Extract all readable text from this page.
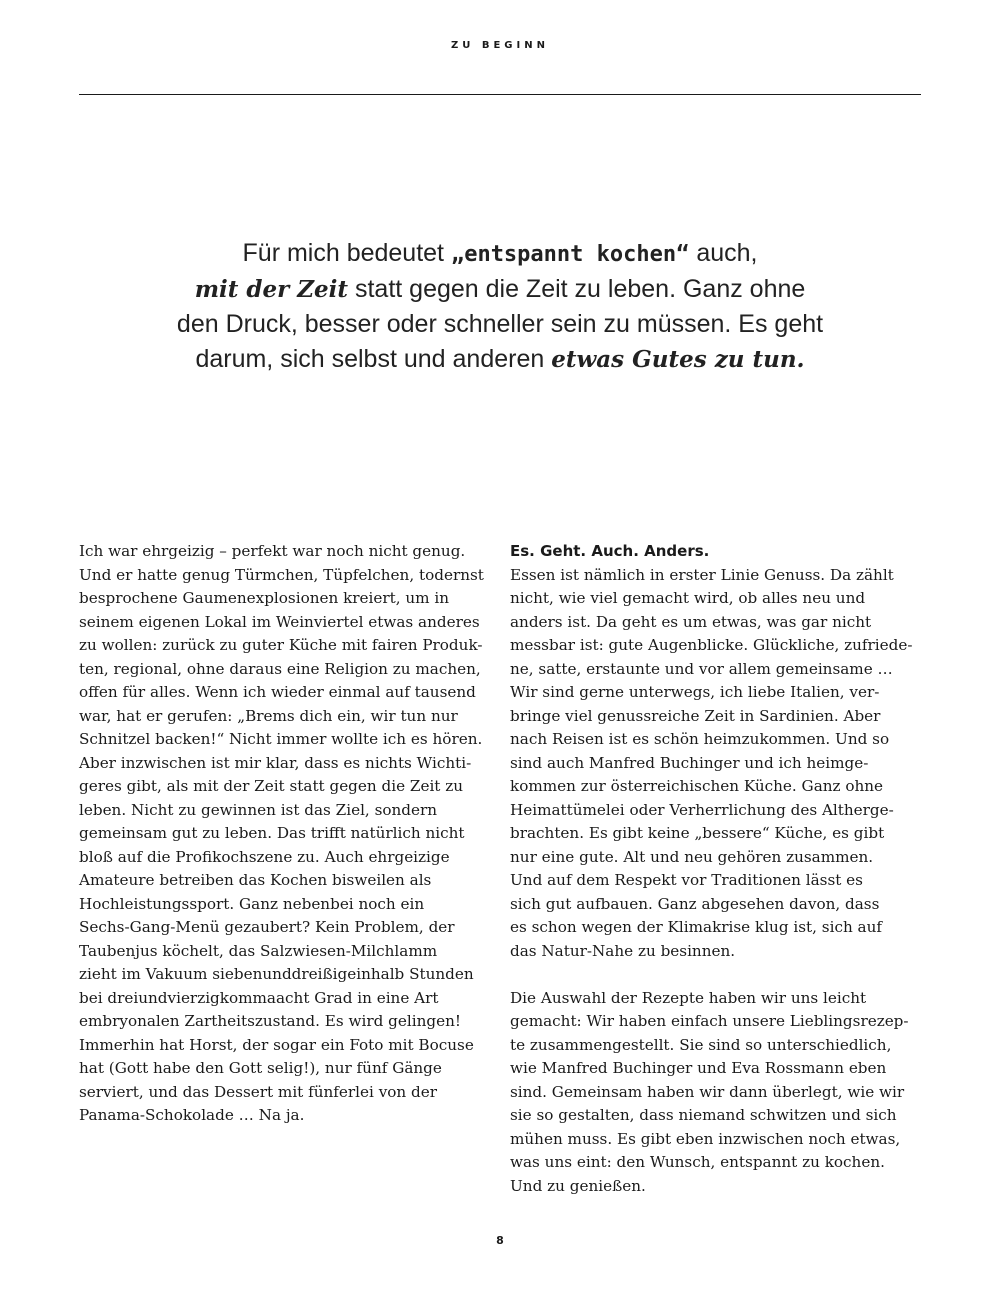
ZU BEGINN
Für mich bedeutet „entspannt kochen“ auch,
mit der Zeit statt gegen die Zeit zu leben. Ganz ohne
den Druck, besser oder schneller sein zu müssen. Es geht
darum, sich selbst und anderen etwas Gutes zu tun.
Ich war ehrgeizig – perfekt war noch nicht genug.
Und er hatte genug Türmchen, Tüpfelchen, todernst
besprochene Gaumenexplosionen kreiert, um in
seinem eigenen Lokal im Weinviertel etwas anderes
zu wollen: zurück zu guter Küche mit fairen Produk-
ten, regional, ohne daraus eine Religion zu machen,
offen für alles. Wenn ich wieder einmal auf tausend
war, hat er gerufen: „Brems dich ein, wir tun nur
Schnitzel backen!“ Nicht immer wollte ich es hören.
Aber inzwischen ist mir klar, dass es nichts Wichti-
geres gibt, als mit der Zeit statt gegen die Zeit zu
leben. Nicht zu gewinnen ist das Ziel, sondern
gemeinsam gut zu leben. Das trifft natürlich nicht
bloß auf die Profikochszene zu. Auch ehrgeizige
Amateure betreiben das Kochen bisweilen als
Hochleistungssport. Ganz nebenbei noch ein
Sechs-Gang-Menü gezaubert? Kein Problem, der
Taubenjus köchelt, das Salzwiesen-Milchlamm
zieht im Vakuum siebenunddreißigeinhalb Stunden
bei dreiundvierzigkommaacht Grad in eine Art
embryonalen Zartheitszustand. Es wird gelingen!
Immerhin hat Horst, der sogar ein Foto mit Bocuse
hat (Gott habe den Gott selig!), nur fünf Gänge
serviert, und das Dessert mit fünferlei von der
Panama-Schokolade … Na ja.
Es. Geht. Auch. Anders.
Essen ist nämlich in erster Linie Genuss. Da zählt
nicht, wie viel gemacht wird, ob alles neu und
anders ist. Da geht es um etwas, was gar nicht
messbar ist: gute Augenblicke. Glückliche, zufriede-
ne, satte, erstaunte und vor allem gemeinsame …
Wir sind gerne unterwegs, ich liebe Italien, ver-
bringe viel genussreiche Zeit in Sardinien. Aber
nach Reisen ist es schön heimzukommen. Und so
sind auch Manfred Buchinger und ich heimge-
kommen zur österreichischen Küche. Ganz ohne
Heimattümelei oder Verherrlichung des Altherge-
brachten. Es gibt keine „bessere“ Küche, es gibt
nur eine gute. Alt und neu gehören zusammen.
Und auf dem Respekt vor Traditionen lässt es
sich gut aufbauen. Ganz abgesehen davon, dass
es schon wegen der Klimakrise klug ist, sich auf
das Natur-Nahe zu besinnen.
Die Auswahl der Rezepte haben wir uns leicht
gemacht: Wir haben einfach unsere Lieblingsrezep-
te zusammengestellt. Sie sind so unterschiedlich,
wie Manfred Buchinger und Eva Rossmann eben
sind. Gemeinsam haben wir dann überlegt, wie wir
sie so gestalten, dass niemand schwitzen und sich
mühen muss. Es gibt eben inzwischen noch etwas,
was uns eint: den Wunsch, entspannt zu kochen.
Und zu genießen.
8
